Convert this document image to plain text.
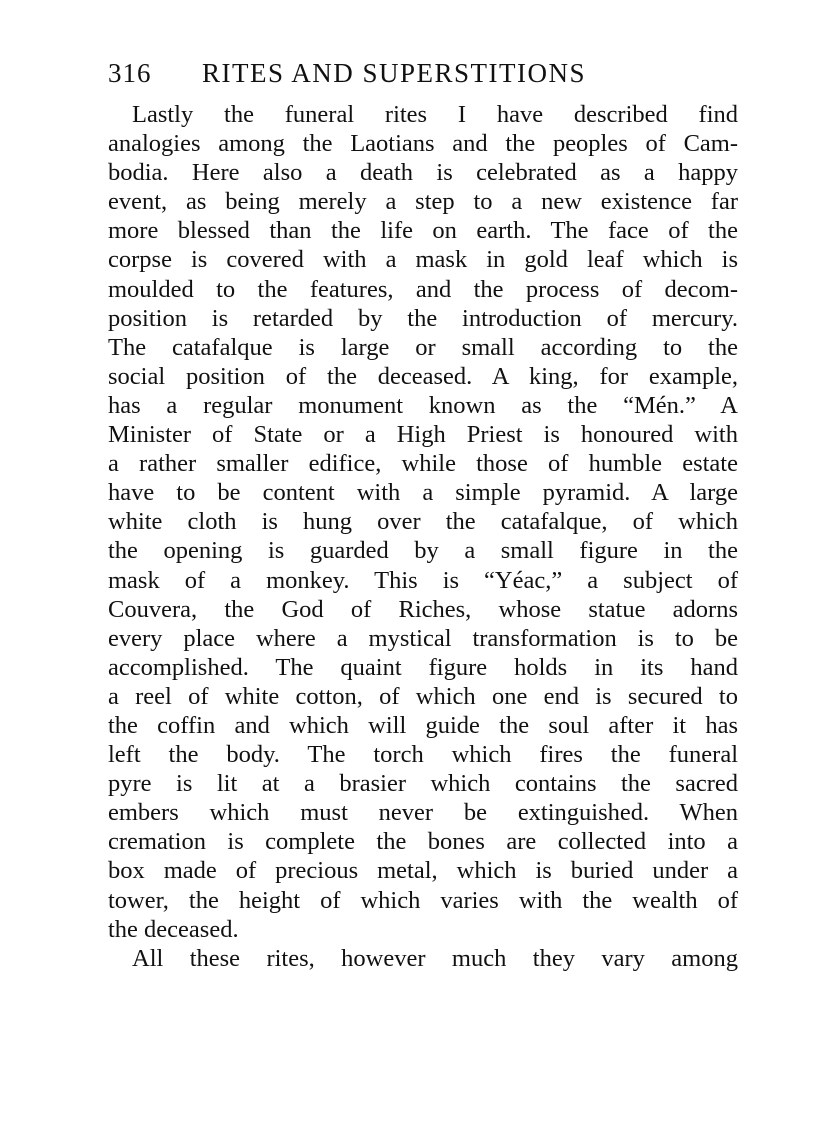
316 RITES AND SUPERSTITIONS
Lastly the funeral rites I have described find
analogies among the Laotians and the peoples of Cam-
bodia. Here also a death is celebrated as a happy
event, as being merely a step to a new existence far
more blessed than the life on earth. The face of the
corpse is covered with a mask in gold leaf which is
moulded to the features, and the process of decom-
position is retarded by the introduction of mercury.
The catafalque is large or small according to the
social position of the deceased. A king, for example,
has a regular monument known as the “Mén.” A
Minister of State or a High Priest is honoured with
a rather smaller edifice, while those of humble estate
have to be content with a simple pyramid. A large
white cloth is hung over the catafalque, of which
the opening is guarded by a small figure in the
mask of a monkey. This is “Yéac,” a subject of
Couvera, the God of Riches, whose statue adorns
every place where a mystical transformation is to be
accomplished. The quaint figure holds in its hand
a reel of white cotton, of which one end is secured to
the coffin and which will guide the soul after it has
left the body. The torch which fires the funeral
pyre is lit at a brasier which contains the sacred
embers which must never be extinguished. When
cremation is complete the bones are collected into a
box made of precious metal, which is buried under a
tower, the height of which varies with the wealth of
the deceased.
All these rites, however much they vary among
